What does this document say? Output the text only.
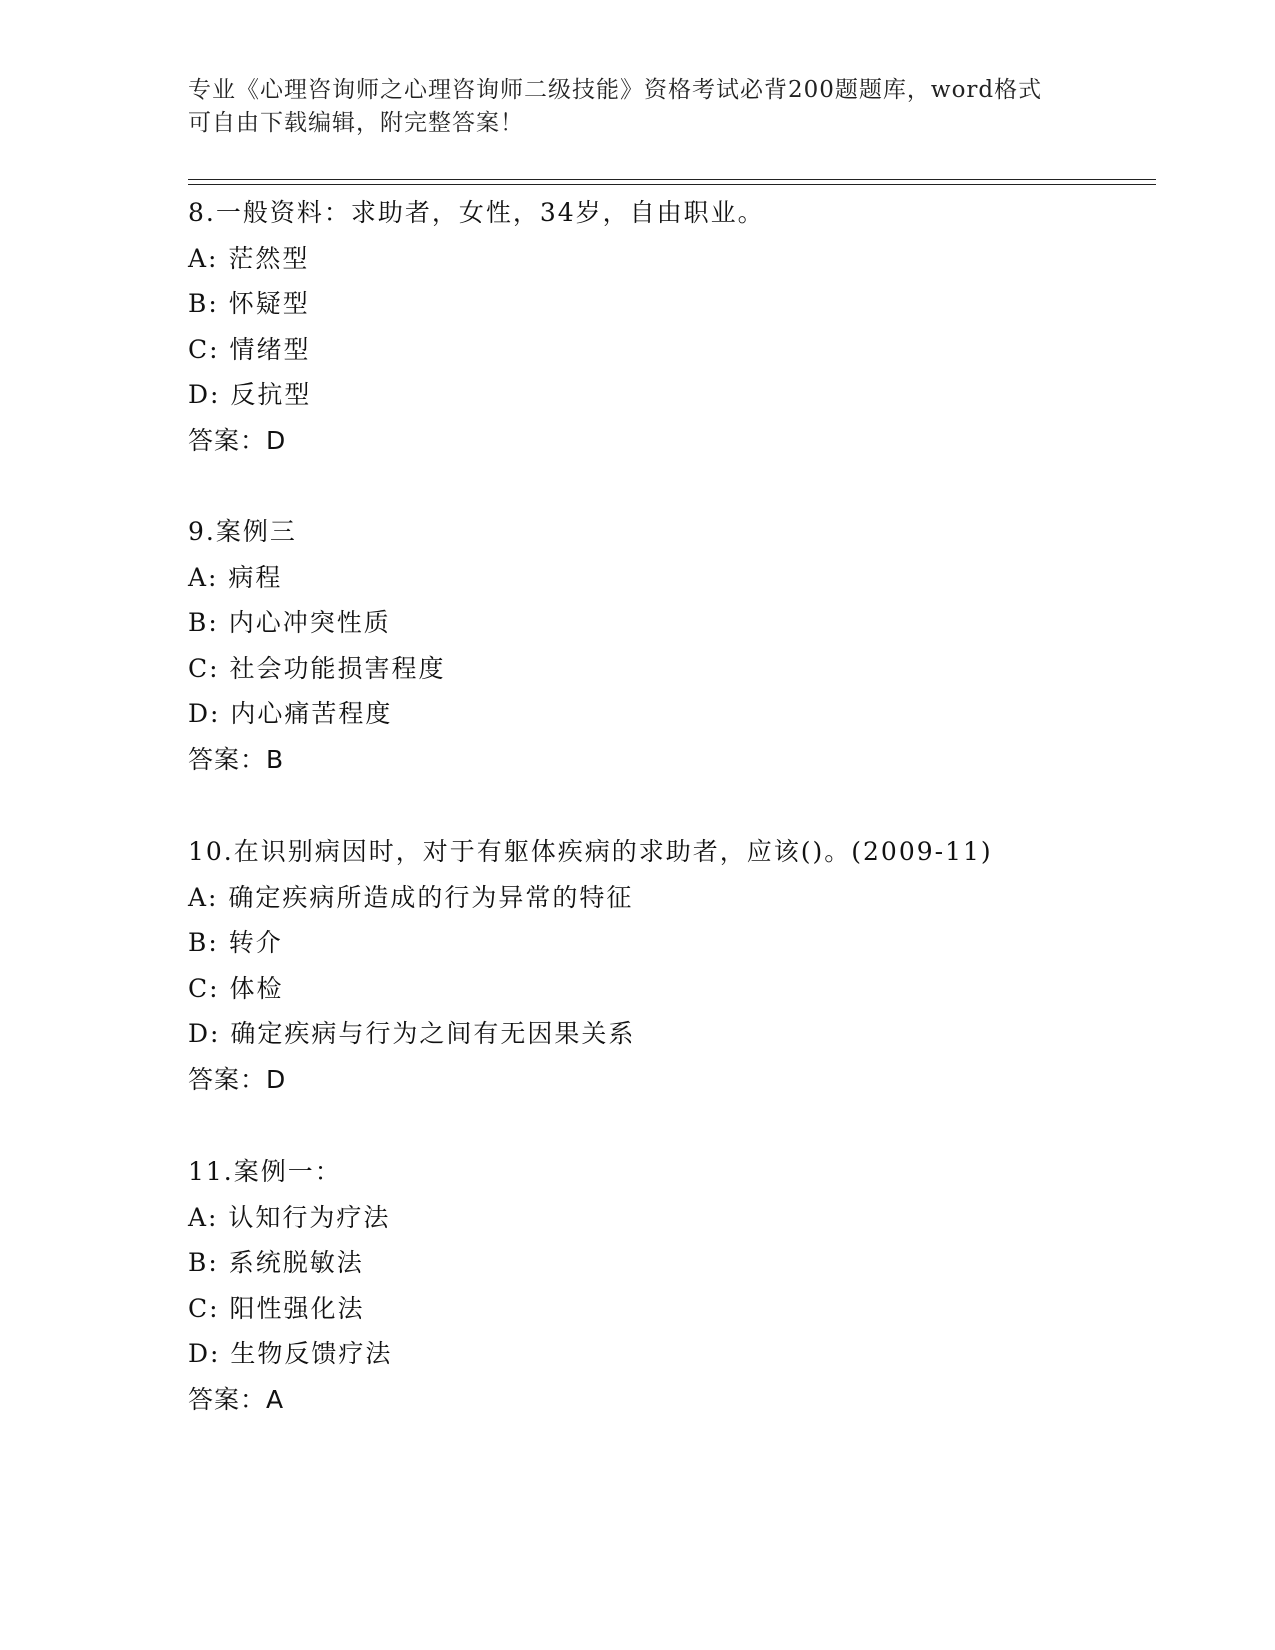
专业《心理咨询师之心理咨询师二级技能》资格考试必背200题题库，word格式
可自由下载编辑，附完整答案！
8.一般资料：求助者，女性，34岁，自由职业。
A: 茫然型
B: 怀疑型
C: 情绪型
D: 反抗型
答案：D
9.案例三
A: 病程
B: 内心冲突性质
C: 社会功能损害程度
D: 内心痛苦程度
答案：B
10.在识别病因时，对于有躯体疾病的求助者，应该()。(2009-11)
A: 确定疾病所造成的行为异常的特征
B: 转介
C: 体检
D: 确定疾病与行为之间有无因果关系
答案：D
11.案例一：
A: 认知行为疗法
B: 系统脱敏法
C: 阳性强化法
D: 生物反馈疗法
答案：A
